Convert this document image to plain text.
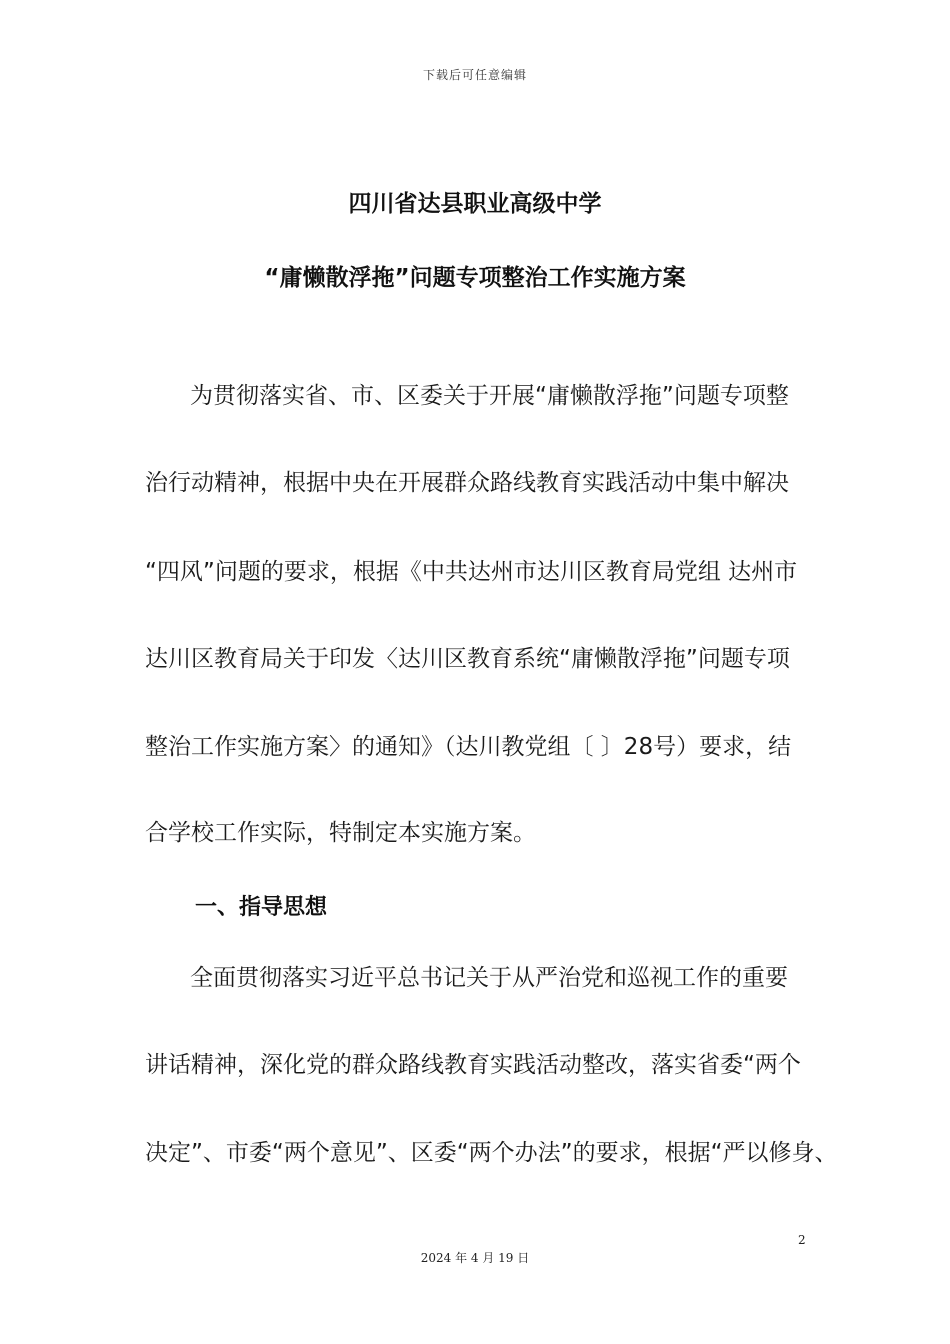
下载后可任意编辑
四川省达县职业高级中学
“庸懒散浮拖”问题专项整治工作实施方案
为贯彻落实省、市、区委关于开展“庸懒散浮拖”问题专项整
治行动精神，根据中央在开展群众路线教育实践活动中集中解决
“四风”问题的要求，根据《中共达州市达川区教育局党组 达州市
达川区教育局关于印发〈达川区教育系统“庸懒散浮拖”问题专项
整治工作实施方案〉的通知》（达川教党组〔 〕28号）要求，结
合学校工作实际，特制定本实施方案。
一、指导思想
全面贯彻落实习近平总书记关于从严治党和巡视工作的重要
讲话精神，深化党的群众路线教育实践活动整改，落实省委“两个
决定”、市委“两个意见”、区委“两个办法”的要求，根据“严以修身、
2
2024 年 4 月 19 日
